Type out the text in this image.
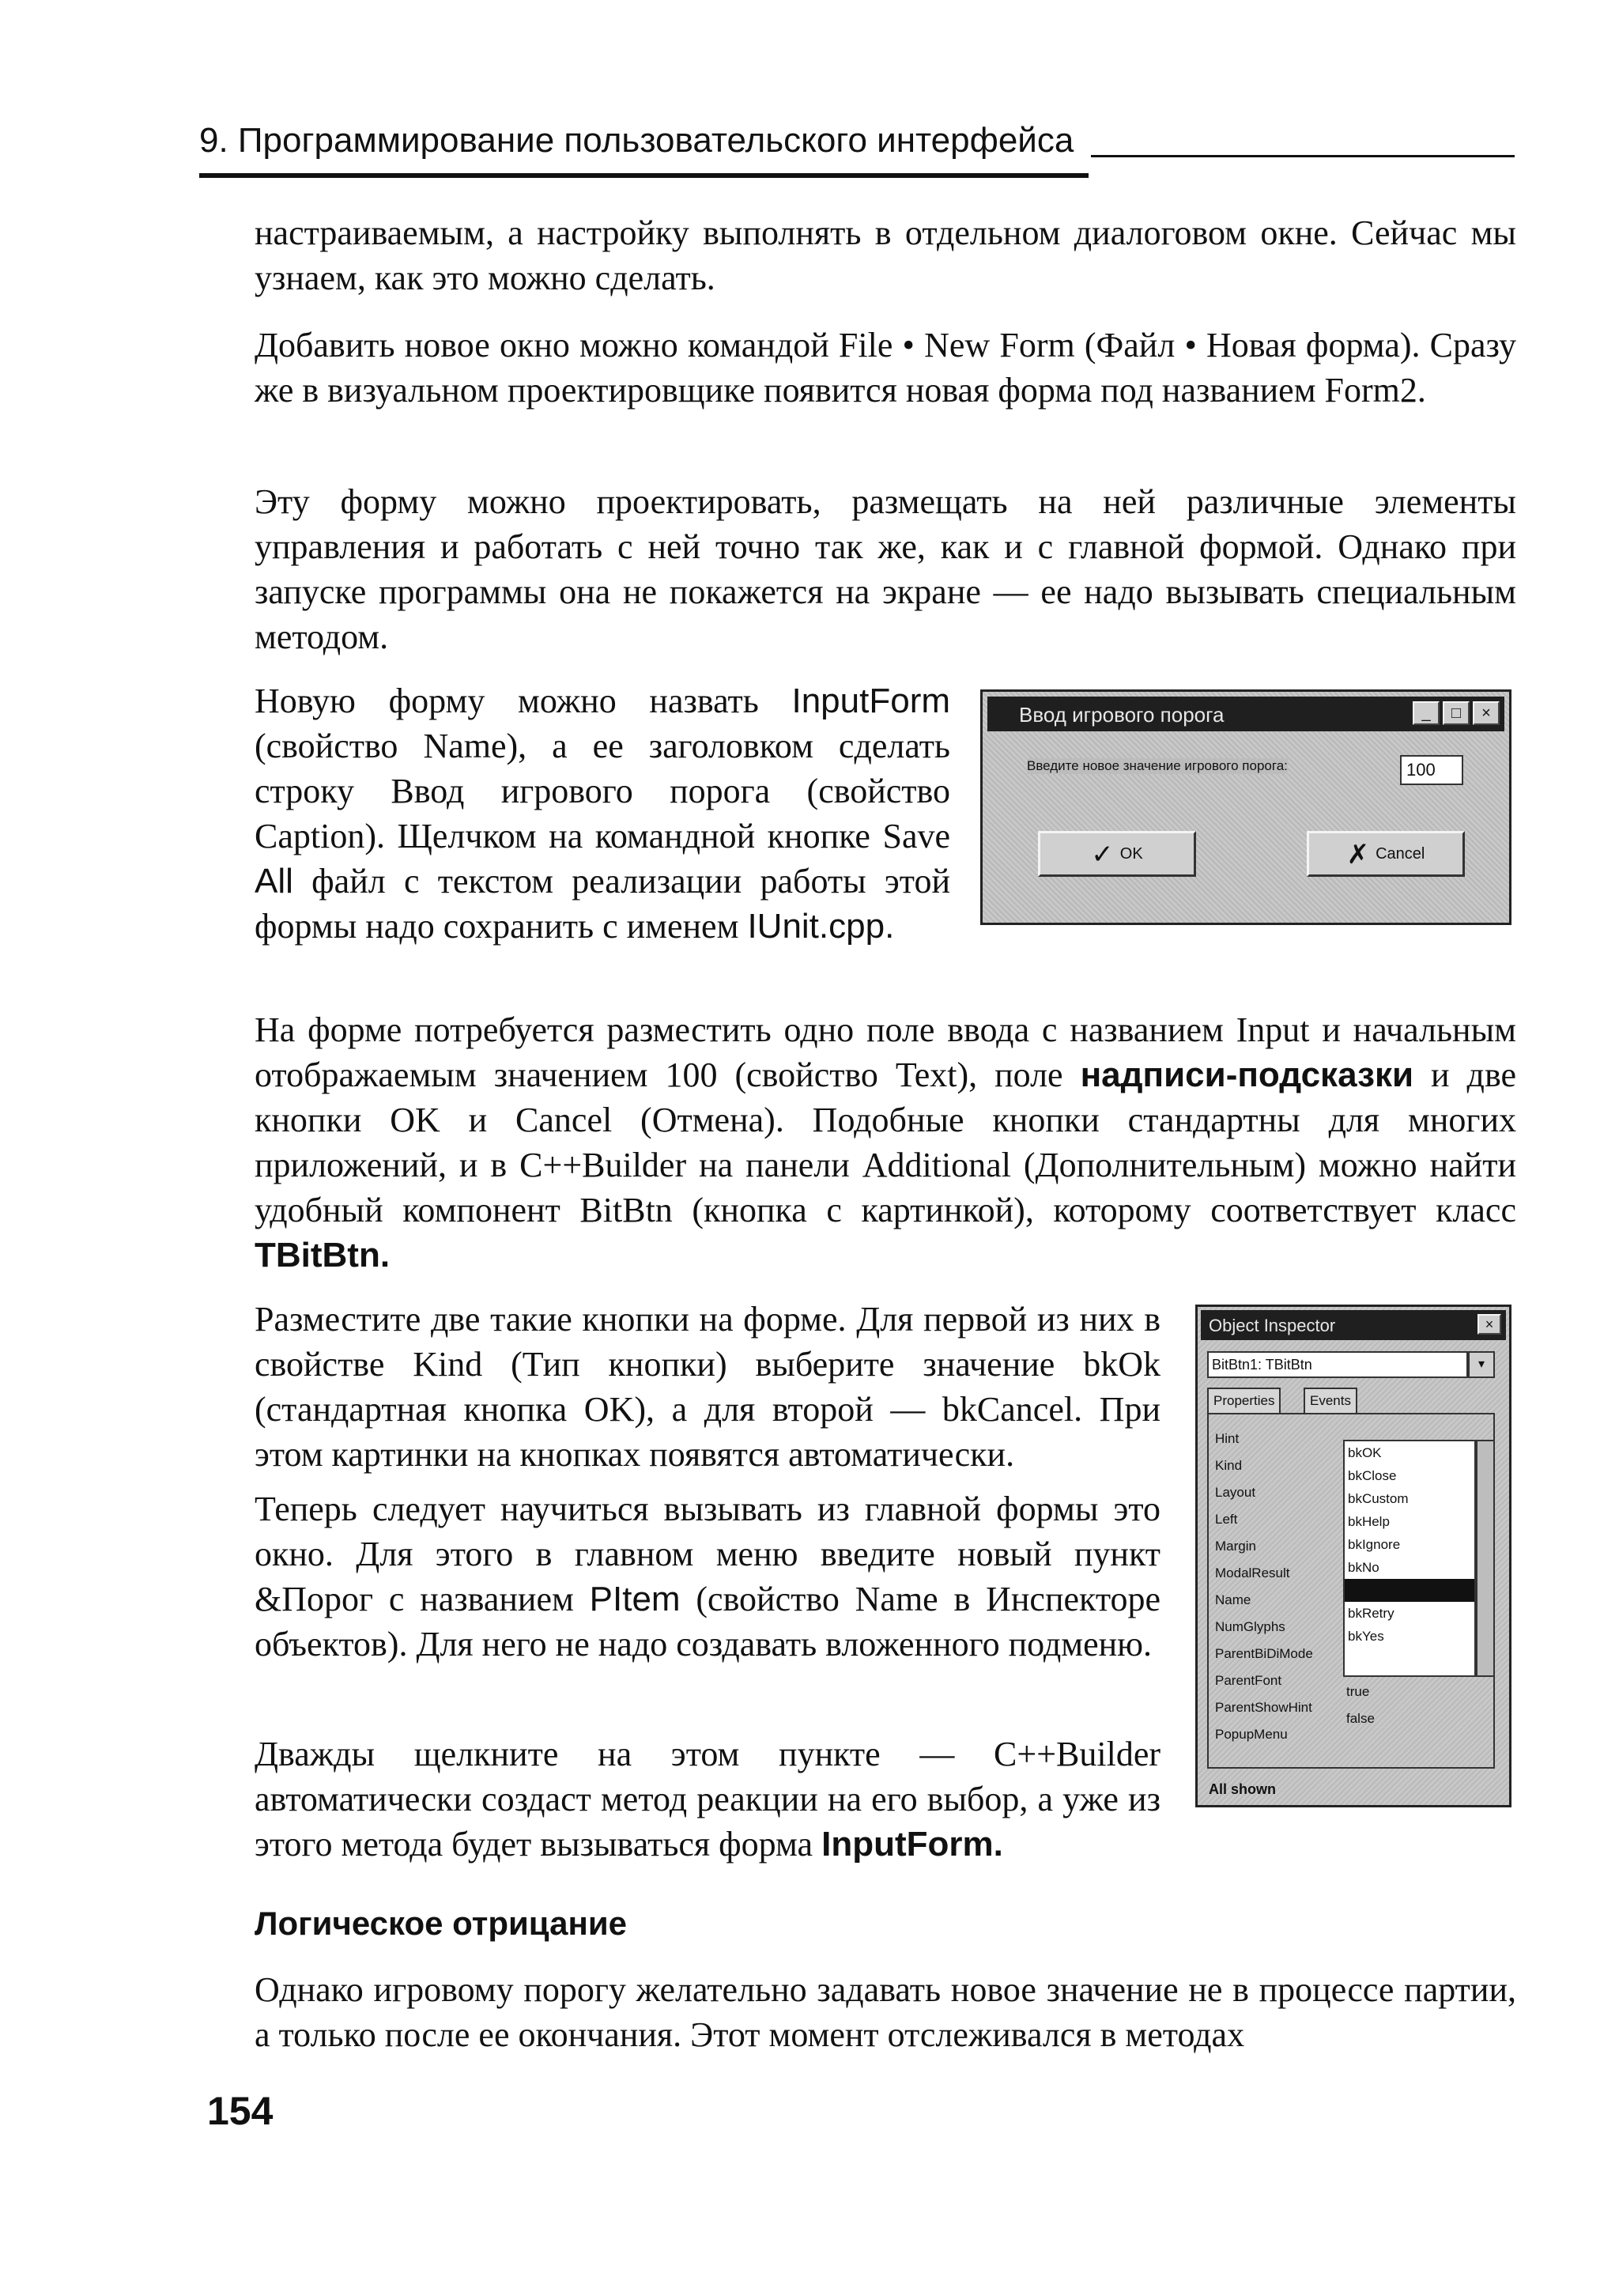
9. Программирование пользовательского интерфейса

настраиваемым, а настройку выполнять в отдельном диалоговом окне. Сейчас мы узнаем, как это можно сделать.

Добавить новое окно можно командой File • New Form (Файл • Новая форма). Сразу же в визуальном проектировщике появится новая форма под названием Form2.

Эту форму можно проектировать, размещать на ней различные элементы управления и работать с ней точно так же, как и с главной формой. Однако при запуске программы она не покажется на экране — ее надо вызывать специальным методом.

Новую форму можно назвать InputForm (свойство Name), а ее заголовком сделать строку Ввод игрового порога (свойство Caption). Щелчком на командной кнопке Save All файл с текстом реализации работы этой формы надо сохранить с именем IUnit.cpp.

Ввод игрового порога	_	□	×
Введите новое значение игрового порога:	100
✓ OK	✗ Cancel

На форме потребуется разместить одно поле ввода с названием Input и начальным отображаемым значением 100 (свойство Text), поле надписи-подсказки и две кнопки OK и Cancel (Отмена). Подобные кнопки стандартны для многих приложений, и в C++Builder на панели Additional (Дополнительным) можно найти удобный компонент BitBtn (кнопка с картинкой), которому соответствует класс TBitBtn.

Разместите две такие кнопки на форме. Для первой из них в свойстве Kind (Тип кнопки) выберите значение bkOk (стандартная кнопка OK), а для второй — bkCancel. При этом картинки на кнопках появятся автоматически.

Теперь следует научиться вызывать из главной формы это окно. Для этого в главном меню введите новый пункт &Порог с названием PItem (свойство Name в Инспекторе объектов). Для него не надо создавать вложенного подменю.

Дважды щелкните на этом пункте — C++Builder автоматически создаст метод реакции на его выбор, а уже из этого метода будет вызываться форма InputForm.

Object Inspector	×
BitBtn1: TBitBtn	▾
Properties	Events
Hint
Kind
Layout
Left
Margin
ModalResult
Name
NumGlyphs
ParentBiDiMode
ParentFont
ParentShowHint
PopupMenu
bkOK
bkClose
bkCustom
bkHelp
bkIgnore
bkNo
bkOK
bkRetry
bkYes
true
false
All shown
Логическое отрицание

Однако игровому порогу желательно задавать новое значение не в процессе партии, а только после ее окончания. Этот момент отслеживался в методах

154
